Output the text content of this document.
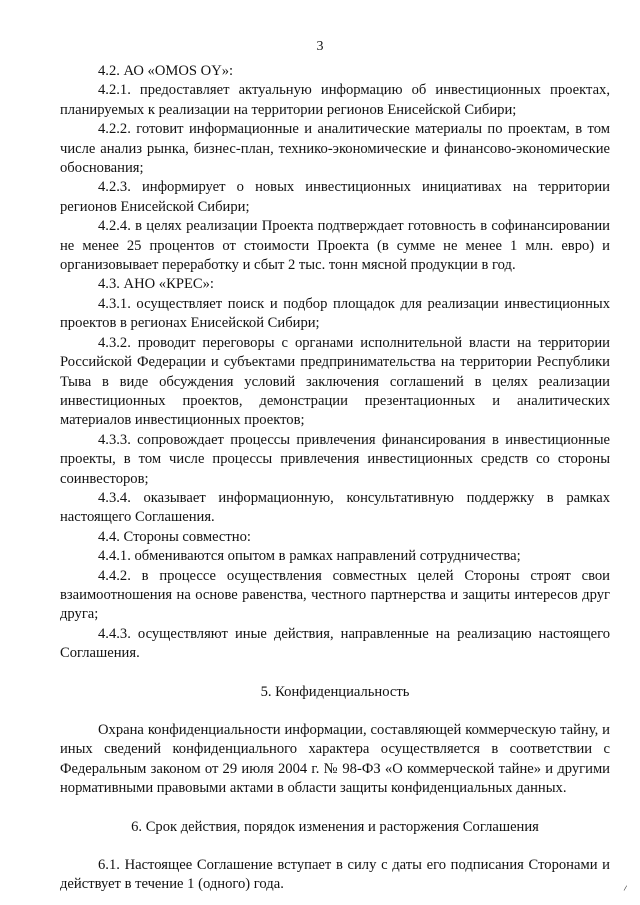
3

4.2. АО «OMOS OY»:

4.2.1. предоставляет актуальную информацию об инвестиционных проектах, планируемых к реализации на территории регионов Енисейской Сибири;

4.2.2. готовит информационные и аналитические материалы по проектам, в том числе анализ рынка, бизнес-план, технико-экономические и финансово-экономические обоснования;

4.2.3. информирует о новых инвестиционных инициативах на территории регионов Енисейской Сибири;

4.2.4. в целях реализации Проекта подтверждает готовность в софинансировании не менее 25 процентов от стоимости Проекта (в сумме не менее 1 млн. евро) и организовывает переработку и сбыт 2 тыс. тонн мясной продукции в год.

4.3. АНО «КРЕС»:

4.3.1. осуществляет поиск и подбор площадок для реализации инвестиционных проектов в регионах Енисейской Сибири;

4.3.2. проводит переговоры с органами исполнительной власти на территории Российской Федерации и субъектами предпринимательства на территории Республики Тыва в виде обсуждения условий заключения соглашений в целях реализации инвестиционных проектов, демонстрации презентационных и аналитических материалов инвестиционных проектов;

4.3.3. сопровождает процессы привлечения финансирования в инвестиционные проекты, в том числе процессы привлечения инвестиционных средств со стороны соинвесторов;

4.3.4. оказывает информационную, консультативную поддержку в рамках настоящего Соглашения.

4.4. Стороны совместно:

4.4.1. обмениваются опытом в рамках направлений сотрудничества;

4.4.2. в процессе осуществления совместных целей Стороны строят свои взаимоотношения на основе равенства, честного партнерства и защиты интересов друг друга;

4.4.3. осуществляют иные действия, направленные на реализацию настоящего Соглашения.

5. Конфиденциальность

Охрана конфиденциальности информации, составляющей коммерческую тайну, и иных сведений конфиденциального характера осуществляется в соответствии с Федеральным законом от 29 июля 2004 г. № 98-ФЗ «О коммерческой тайне» и другими нормативными правовыми актами в области защиты конфиденциальных данных.

6. Срок действия, порядок изменения и расторжения Соглашения

6.1. Настоящее Соглашение вступает в силу с даты его подписания Сторонами и действует в течение 1 (одного) года.	_
